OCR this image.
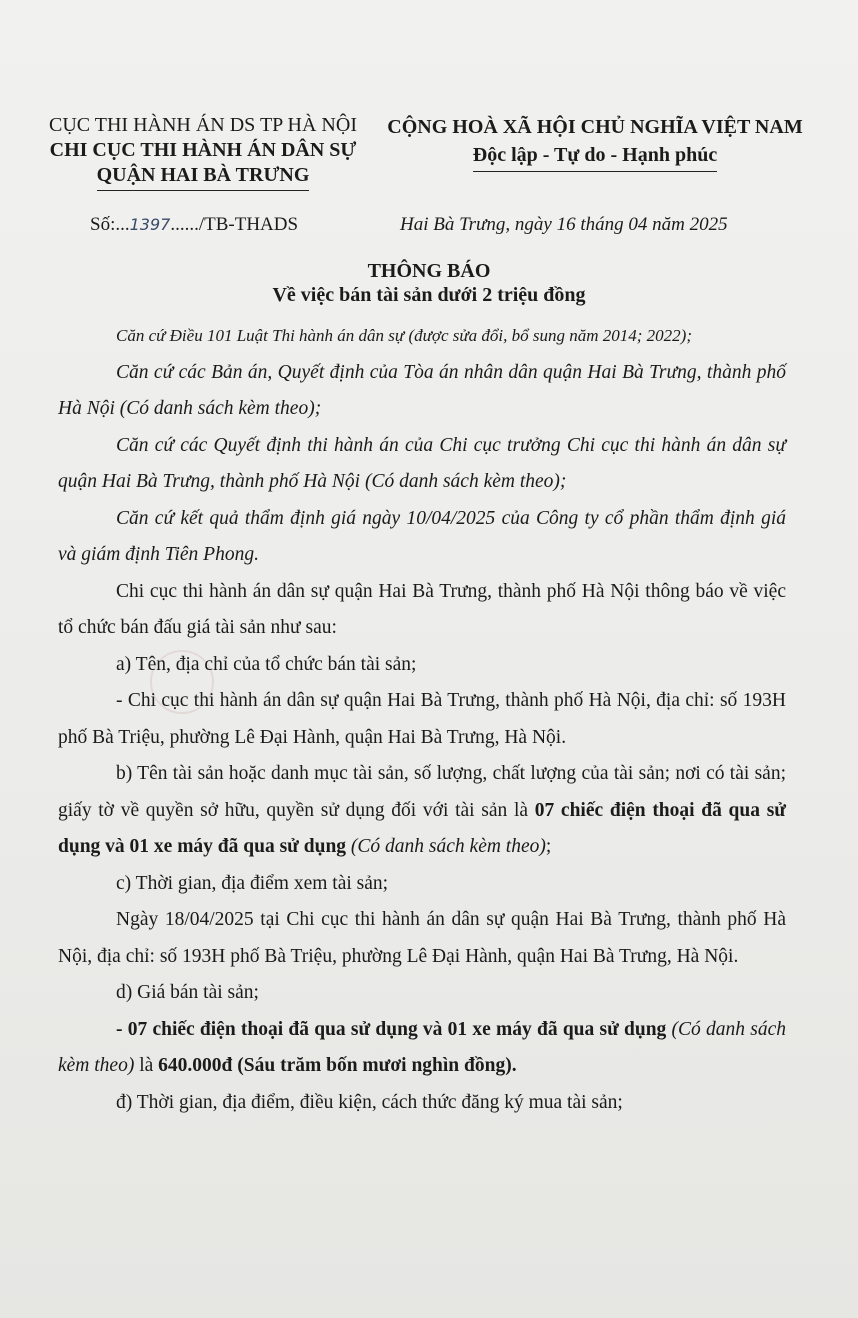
CỤC THI HÀNH ÁN DS TP HÀ NỘI
CHI CỤC THI HÀNH ÁN DÂN SỰ
QUẬN HAI BÀ TRƯNG
CỘNG HOÀ XÃ HỘI CHỦ NGHĨA VIỆT NAM
Độc lập - Tự do - Hạnh phúc
Số:...1397....../TB-THADS	Hai Bà Trưng, ngày 16 tháng 04 năm 2025
THÔNG BÁO
Về việc bán tài sản dưới 2 triệu đồng

Căn cứ Điều 101 Luật Thi hành án dân sự (được sửa đổi, bổ sung năm 2014; 2022);

Căn cứ các Bản án, Quyết định của Tòa án nhân dân quận Hai Bà Trưng, thành phố Hà Nội (Có danh sách kèm theo);

Căn cứ các Quyết định thi hành án của Chi cục trưởng Chi cục thi hành án dân sự quận Hai Bà Trưng, thành phố Hà Nội (Có danh sách kèm theo);

Căn cứ kết quả thẩm định giá ngày 10/04/2025 của Công ty cổ phần thẩm định giá và giám định Tiên Phong.

Chi cục thi hành án dân sự quận Hai Bà Trưng, thành phố Hà Nội thông báo về việc tổ chức bán đấu giá tài sản như sau:

a) Tên, địa chỉ của tổ chức bán tài sản;

- Chi cục thi hành án dân sự quận Hai Bà Trưng, thành phố Hà Nội, địa chỉ: số 193H phố Bà Triệu, phường Lê Đại Hành, quận Hai Bà Trưng, Hà Nội.

b) Tên tài sản hoặc danh mục tài sản, số lượng, chất lượng của tài sản; nơi có tài sản; giấy tờ về quyền sở hữu, quyền sử dụng đối với tài sản là 07 chiếc điện thoại đã qua sử dụng và 01 xe máy đã qua sử dụng (Có danh sách kèm theo);

c) Thời gian, địa điểm xem tài sản;

Ngày 18/04/2025 tại Chi cục thi hành án dân sự quận Hai Bà Trưng, thành phố Hà Nội, địa chỉ: số 193H phố Bà Triệu, phường Lê Đại Hành, quận Hai Bà Trưng, Hà Nội.

d) Giá bán tài sản;

- 07 chiếc điện thoại đã qua sử dụng và 01 xe máy đã qua sử dụng (Có danh sách kèm theo) là 640.000đ (Sáu trăm bốn mươi nghìn đồng).

đ) Thời gian, địa điểm, điều kiện, cách thức đăng ký mua tài sản;
